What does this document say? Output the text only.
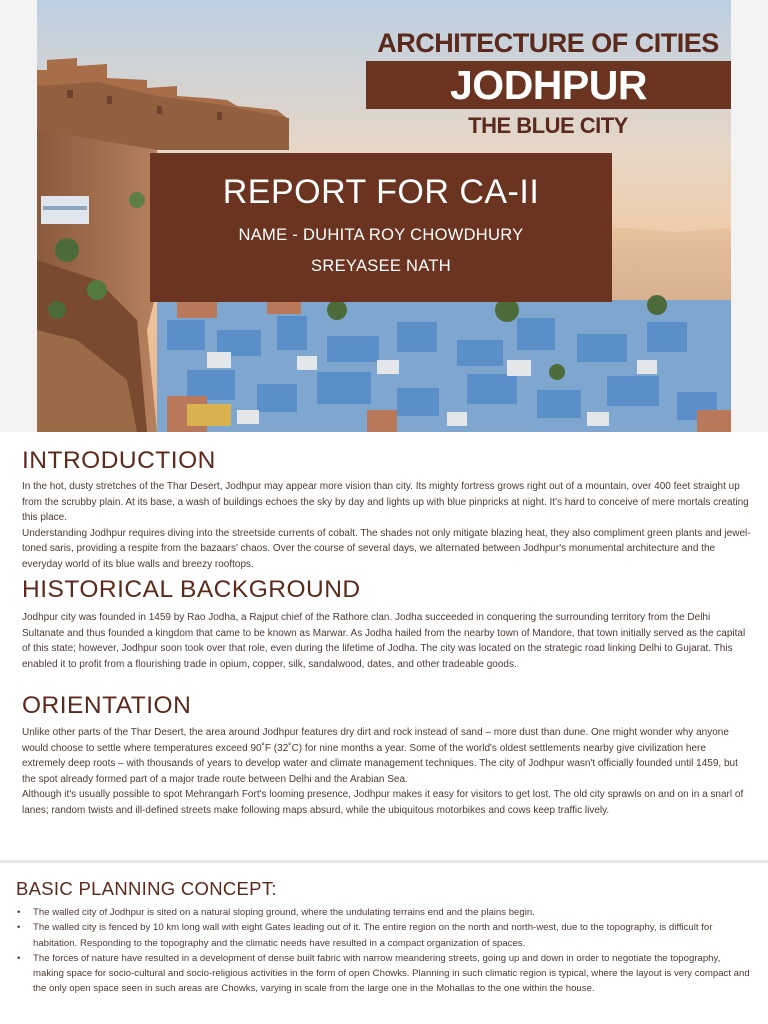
ARCHITECTURE OF CITIES
JODHPUR
THE BLUE CITY
REPORT FOR CA-II
NAME - DUHITA ROY CHOWDHURY
SREYASEE NATH
INTRODUCTION

In the hot, dusty stretches of the Thar Desert, Jodhpur may appear more vision than city. Its mighty fortress grows right out of a mountain, over 400 feet straight up from the scrubby plain. At its base, a wash of buildings echoes the sky by day and lights up with blue pinpricks at night. It's hard to conceive of mere mortals creating this place.

Understanding Jodhpur requires diving into the streetside currents of cobalt. The shades not only mitigate blazing heat, they also compliment green plants and jewel-toned saris, providing a respite from the bazaars' chaos. Over the course of several days, we alternated between Jodhpur's monumental architecture and the everyday world of its blue walls and breezy rooftops.

HISTORICAL BACKGROUND

Jodhpur city was founded in 1459 by Rao Jodha, a Rajput chief of the Rathore clan. Jodha succeeded in conquering the surrounding territory from the Delhi Sultanate and thus founded a kingdom that came to be known as Marwar. As Jodha hailed from the nearby town of Mandore, that town initially served as the capital of this state; however, Jodhpur soon took over that role, even during the lifetime of Jodha. The city was located on the strategic road linking Delhi to Gujarat. This enabled it to profit from a flourishing trade in opium, copper, silk, sandalwood, dates, and other tradeable goods.

ORIENTATION

Unlike other parts of the Thar Desert, the area around Jodhpur features dry dirt and rock instead of sand – more dust than dune. One might wonder why anyone would choose to settle where temperatures exceed 90˚F (32˚C) for nine months a year. Some of the world's oldest settlements nearby give civilization here extremely deep roots – with thousands of years to develop water and climate management techniques. The city of Jodhpur wasn't officially founded until 1459, but the spot already formed part of a major trade route between Delhi and the Arabian Sea.

Although it's usually possible to spot Mehrangarh Fort's looming presence, Jodhpur makes it easy for visitors to get lost. The old city sprawls on and on in a snarl of lanes; random twists and ill-defined streets make following maps absurd, while the ubiquitous motorbikes and cows keep traffic lively.

BASIC PLANNING CONCEPT:
• The walled city of Jodhpur is sited on a natural sloping ground, where the undulating terrains end and the plains begin.
• The walled city is fenced by 10 km long wall with eight Gates leading out of it. The entire region on the north and north-west, due to the topography, is difficult for habitation. Responding to the topography and the climatic needs have resulted in a compact organization of spaces.
• The forces of nature have resulted in a development of dense built fabric with narrow meandering streets, going up and down in order to negotiate the topography, making space for socio-cultural and socio-religious activities in the form of open Chowks. Planning in such climatic region is typical, where the layout is very compact and the only open space seen in such areas are Chowks, varying in scale from the large one in the Mohallas to the one within the house.
